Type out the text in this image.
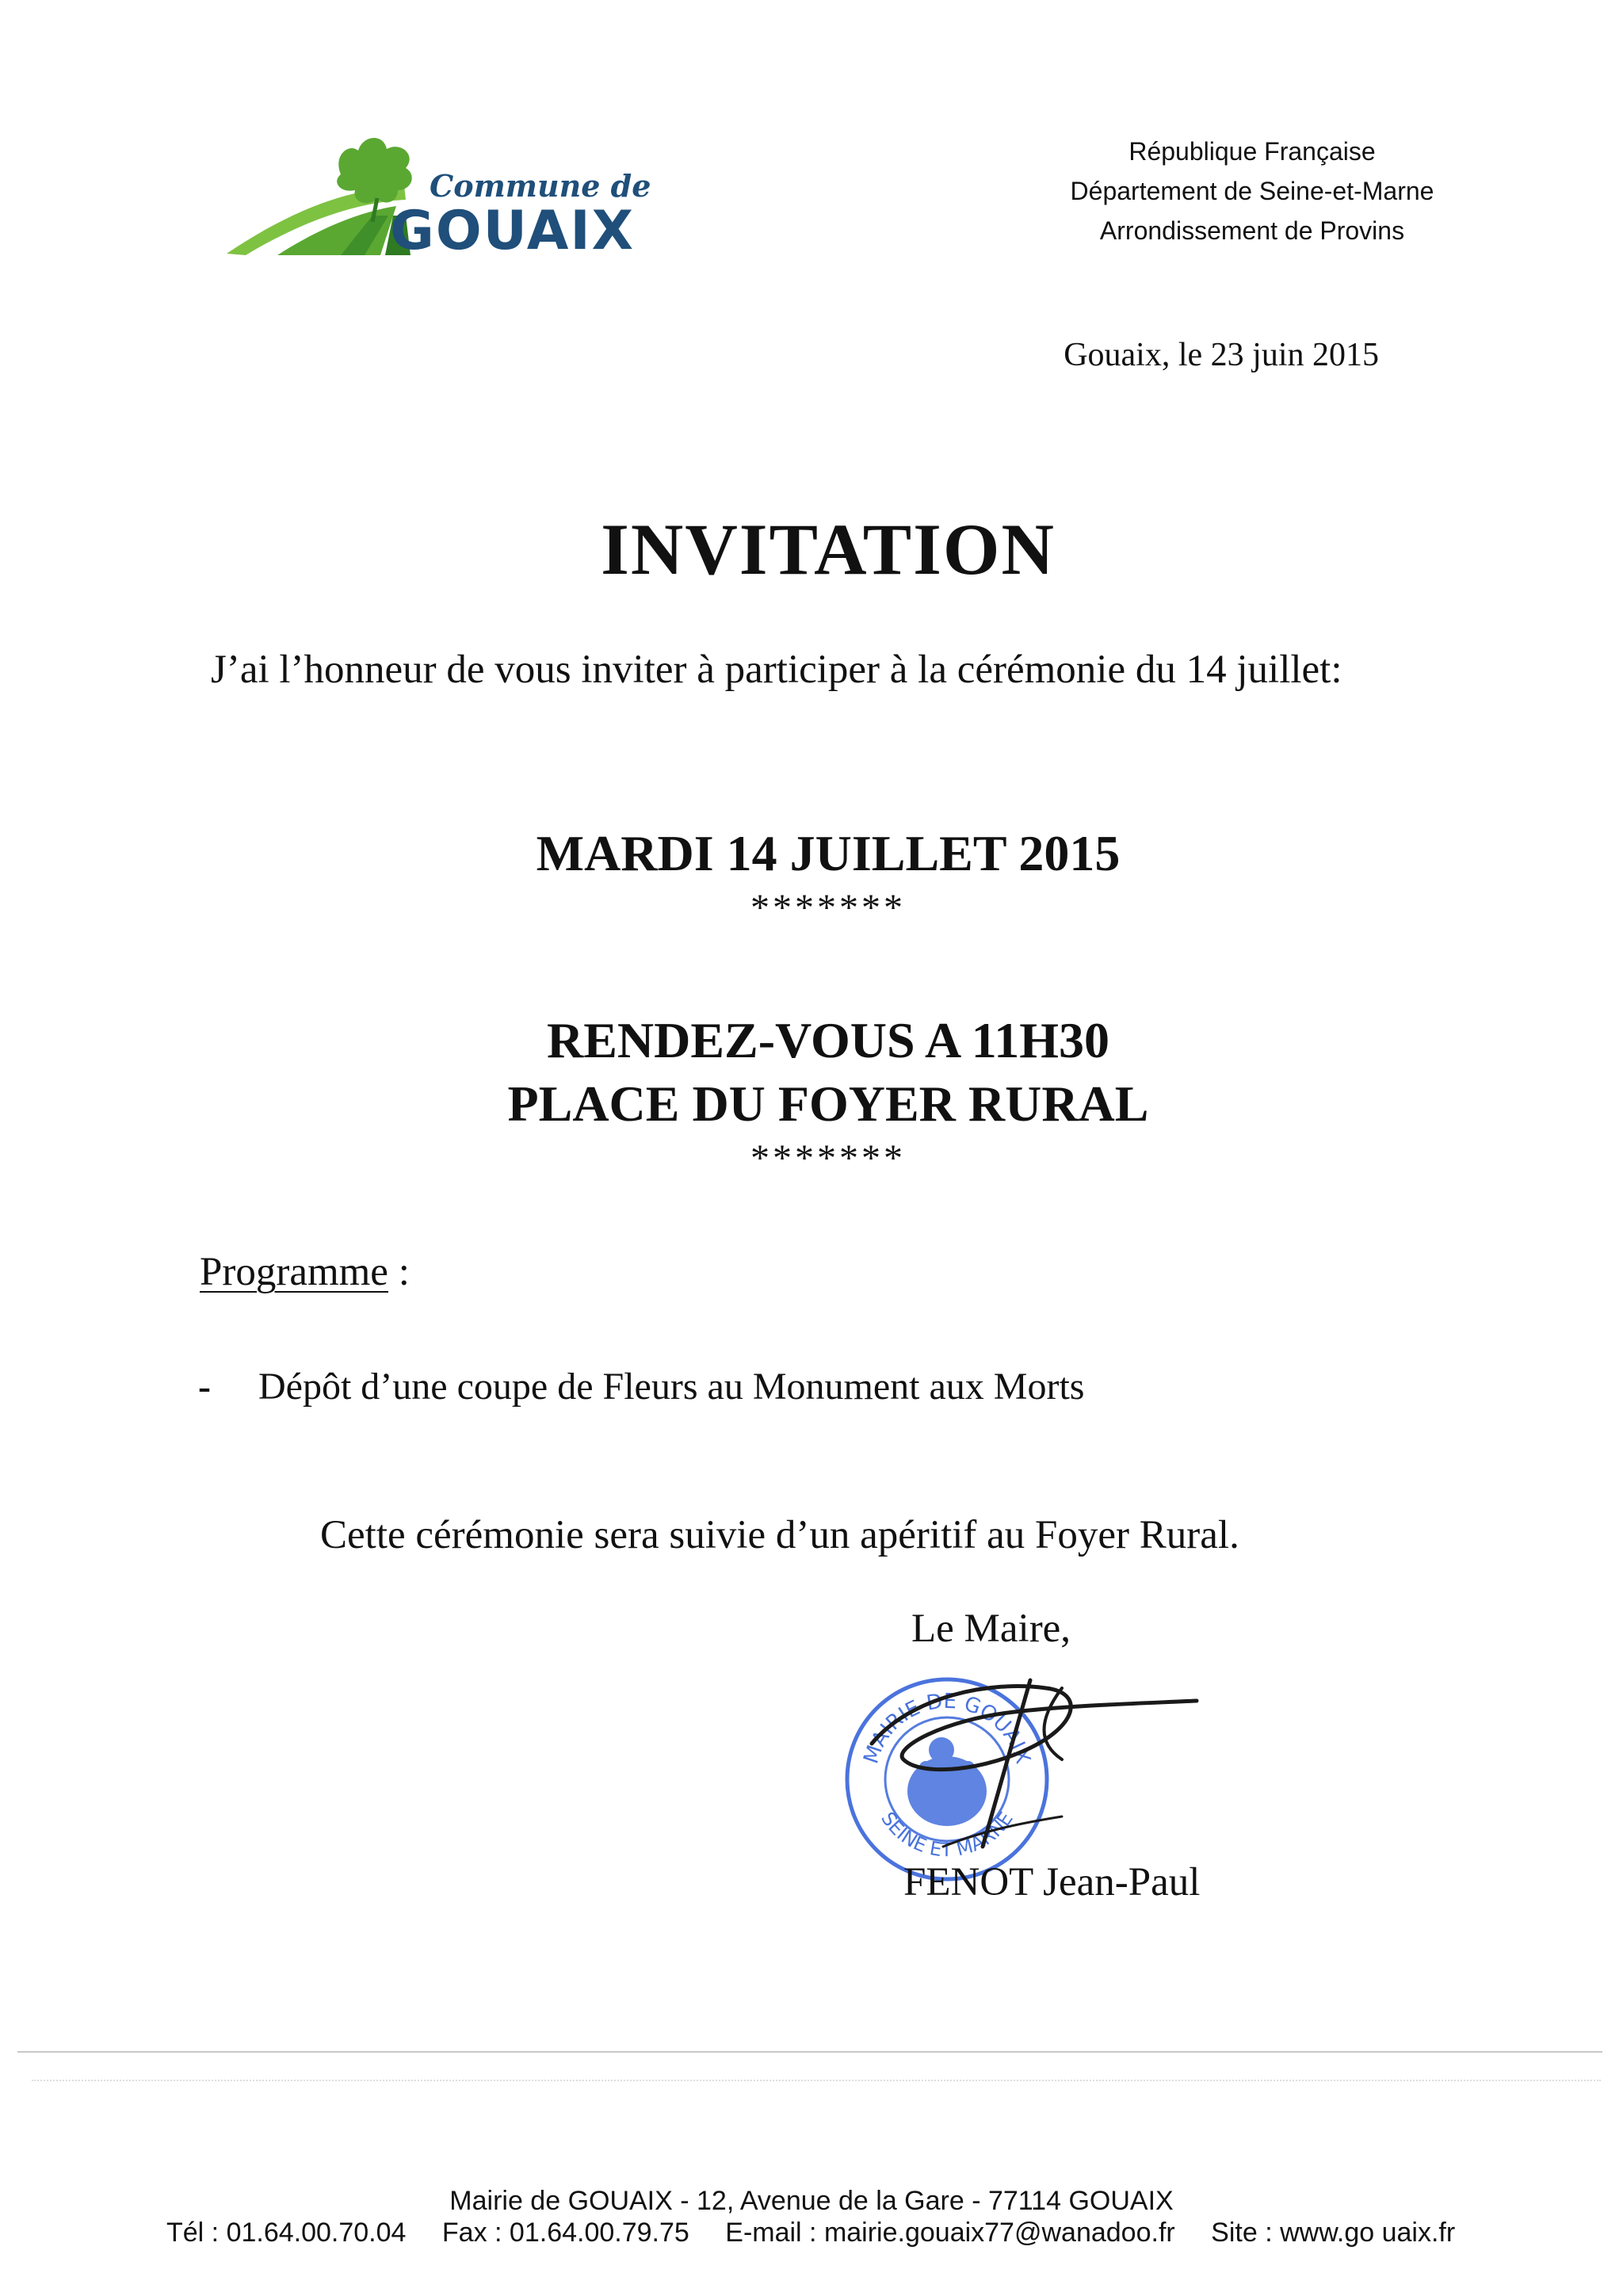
Commune de
GOUAIX
République Française
Département de Seine-et-Marne
Arrondissement de Provins
Gouaix, le 23 juin 2015
INVITATION
J’ai l’honneur de vous inviter à participer à la cérémonie du 14 juillet:
MARDI 14 JUILLET 2015
*******
RENDEZ-VOUS A 11H30
PLACE DU FOYER RURAL
*******
Programme :
- Dépôt d’une coupe de Fleurs au Monument aux Morts
Cette cérémonie sera suivie d’un apéritif au Foyer Rural.
Le Maire,
MAIRIE DE GOUAIX
SEINE ET MARNE
FENOT Jean-Paul
Mairie de GOUAIX - 12, Avenue de la Gare - 77114 GOUAIX
Tél : 01.64.00.70.04 Fax : 01.64.00.79.75 E-mail : mairie.gouaix77@wanadoo.fr Site : www.go uaix.fr
